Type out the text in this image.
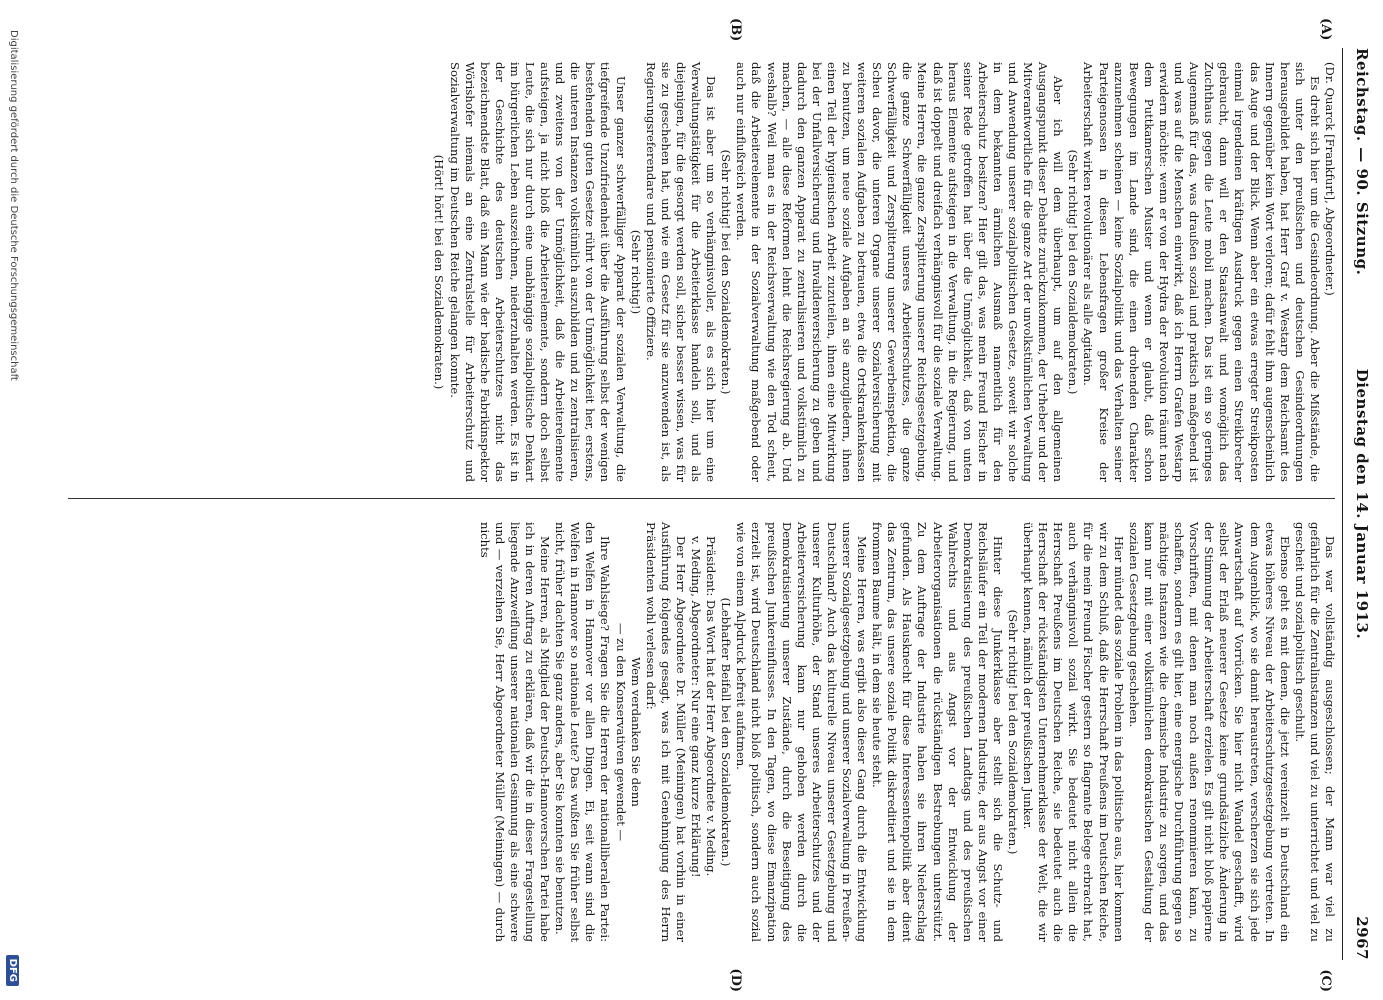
Reichstag. — 90. Sitzung.
Dienstag den 14. Januar 1913.
2967
(A)
(B)
(C)
(D)

(Dr. Quarck [Frankfurt], Abgeordneter.)

Es dreht sich hier um die Gesindeordnung. Aber die Mißstände, die sich unter den preußischen und deutschen Gesindeordnungen herausgebildet haben, hat Herr Graf v. Westarp dem Reichsamt des Innern gegenüber kein Wort verloren; dafür fehlt ihm augenscheinlich das Auge und der Blick. Wenn aber ein etwas erregter Streikposten einmal irgendeinen kräftigen Ausdruck gegen einen Streikbrecher gebraucht, dann will er den Staatsanwalt und womöglich das Zuchthaus gegen die Leute mobil machen. Das ist ein so geringes Augenmaß für das, was draußen sozial und praktisch maßgebend ist und was auf die Menschen einwirkt, daß ich Herrn Grafen Westarp erwidern möchte: wenn er von der Hydra der Revolution träumt nach dem Puttkamerschen Muster und wenn er glaubt, daß schon Bewegungen im Lande sind, die einen drohenden Charakter anzunehmen scheinen — keine Sozialpolitik und das Verhalten seiner Parteigenossen in diesen Lebensfragen großer Kreise der Arbeiterschaft wirken revolutionärer als alle Agitation.

(Sehr richtig! bei den Sozialdemokraten.)

Aber ich will dem überhaupt, um auf den allgemeinen Ausgangspunkt dieser Debatte zurückzukommen, der Urheber und der Mitverantwortliche für die ganze Art der unvolkstümlichen Verwaltung und Anwendung unserer sozialpolitischen Gesetze, soweit wir solche in dem bekannten ärmlichen Ausmaß namentlich für den Arbeiterschutz besitzen? Hier gilt das, was mein Freund Fischer in seiner Rede getroffen hat über die Unmöglichkeit, daß von unten heraus Elemente aufsteigen in die Verwaltung, in die Regierung, und daß ist doppelt und dreifach verhängnisvoll für die soziale Verwaltung. Meine Herren, die ganze Zersplitterung unserer Reichsgesetzgebung, die ganze Schwerfälligkeit unseres Arbeiterschutzes, die ganze Schwerfälligkeit und Zersplitterung unserer Gewerbeinspektion, die Scheu davor, die unteren Organe unserer Sozialversicherung mit weiteren sozialen Aufgaben zu betrauen, etwa die Ortskrankenkassen zu benutzen, um neue soziale Aufgaben an sie anzugliedern, ihnen einen Teil der hygienischen Arbeit zuzuteilen, ihnen eine Mitwirkung bei der Unfallversicherung und Invalidenversicherung zu geben und dadurch den ganzen Apparat zu zentralisieren und volkstümlich zu machen, — alle diese Reformen lehnt die Reichsregierung ab. Und weshalb? Weil man es in der Reichsverwaltung wie den Tod scheut, daß die Arbeiterelemente in der Sozialverwaltung maßgebend oder auch nur einflußreich werden.

(Sehr richtig! bei den Sozialdemokraten.)

Das ist aber um so verhängnisvoller, als es sich hier um eine Verwaltungstätigkeit für die Arbeiterklasse handeln soll, und als diejenigen, für die gesorgt werden soll, sicher besser wissen, was für sie zu geschehen hat, und wie ein Gesetz für sie anzuwenden ist, als Regierungsreferendare und pensionierte Offiziere.

(Sehr richtig!)

Unser ganzer schwerfälliger Apparat der sozialen Verwaltung, die tiefgreifende Unzufriedenheit über die Ausführung selbst der wenigen bestehenden guten Gesetze rührt von der Unmöglichkeit her, erstens, die unteren Instanzen volkstümlich auszubilden und zu zentralisieren, und zweitens von der Unmöglichkeit, daß die Arbeiterelemente aufsteigen, ja nicht bloß die Arbeiterelemente, sondern doch selbst Leute, die sich nur durch eine unabhängige sozialpolitische Denkart im bürgerlichen Leben auszeichnen, niederzuhalten werden. Es ist in der Geschichte des deutschen Arbeiterschutzes nicht das bezeichnendste Blatt, daß ein Mann wie der badische Fabrikinspektor Wörishofer niemals an eine Zentralstelle für Arbeiterschutz und Sozialverwaltung im Deutschen Reiche gelangen konnte.

(Hört! hört! bei den Sozialdemokraten.)

Das war vollständig ausgeschlossen; der Mann war viel zu gefährlich für die Zentralinstanzen und viel zu unterrichtet und viel zu gescheit und sozialpolitisch geschult.

Ebenso geht es mit denen, die jetzt vereinzelt in Deutschland ein etwas höheres Niveau der Arbeiterschutzgesetzgebung vertreten. In dem Augenblick, wo sie damit heraustreten, verscherzen sie sich jede Anwartschaft auf Vorrücken. Sie hier nicht Wandel geschafft, wird selbst der Erlaß neuerer Gesetze keine grundsätzliche Änderung in der Stimmung der Arbeiterschaft erzielen. Es gilt nicht bloß papierne Vorschriften, mit denen man noch außen renommieren kann, zu schaffen, sondern es gilt hier, eine energische Durchführung gegen so mächtige Instanzen wie die chemische Industrie zu sorgen, und das kann nur mit einer volkstümlichen demokratischen Gestaltung der sozialen Gesetzgebung geschehen.

Hier mündet das soziale Problem in das politische aus, hier kommen wir zu dem Schluß, daß die Herrschaft Preußens im Deutschen Reiche, für die mein Freund Fischer gestern so flagrante Belege erbracht hat, auch verhängnisvoll sozial wirkt. Sie bedeutet nicht allein die Herrschaft Preußens im Deutschen Reiche, sie bedeutet auch die Herrschaft der rückständigsten Unternehmerklasse der Welt, die wir überhaupt kennen, nämlich der preußischen Junker.

(Sehr richtig! bei den Sozialdemokraten.)

Hinter diese Junkerklasse aber stellt sich die Schutz- und Reichsläufer ein Teil der modernen Industrie, der aus Angst vor einer Demokratisierung des preußischen Landtags und des preußischen Wahlrechts und aus Angst vor der Entwicklung der Arbeiterorganisationen die rückständigen Bestrebungen unterstützt. Zu dem Auftrage der Industrie haben sie ihren Niederschlag gefunden. Als Hausknecht für diese Interessentenpolitik aber dient das Zentrum, das unsere soziale Politik diskreditiert und sie in dem frommen Baume hält, in dem sie heute steht.

Meine Herren, was ergibt also dieser Gang durch die Entwicklung unserer Sozialgesetzgebung und unserer Sozialverwaltung in Preußen-Deutschland? Auch das kulturelle Niveau unserer Gesetzgebung und unserer Kulturhöhe, der Stand unseres Arbeiterschutzes und der Arbeiterversicherung kann nur gehoben werden durch die Demokratisierung unserer Zustände, durch die Beseitigung des preußischen Junkereinflusses. In den Tagen, wo diese Emanzipation erzielt ist, wird Deutschland nicht bloß politisch, sondern auch sozial wie von einem Alpdruck befreit aufatmen.

(Lebhafter Beifall bei den Sozialdemokraten.)

Präsident: Das Wort hat der Herr Abgeordnete v. Meding.

v. Meding, Abgeordneter: Nur eine ganz kurze Erklärung!

Der Herr Abgeordnete Dr. Müller (Meiningen) hat vorhin in einer Ausführung folgendes gesagt, was ich mit Genehmigung des Herrn Präsidenten wohl verlesen darf:

Wem verdanken Sie denn

— zu den Konservativen gewendet —

Ihre Wahlsiege? Fragen Sie die Herren der nationalliberalen Partei: den Welfen in Hannover vor allen Dingen. Ei, seit wann sind die Welfen in Hannover so nationale Leute? Das wußten Sie früher selbst nicht, früher dachten Sie ganz anders, aber Sie konnten sie benutzen.

Meine Herren, als Mitglied der Deutsch-Hannoverschen Partei habe ich in deren Auftrag zu erklären, daß wir die in dieser Fragestellung liegende Anzweiflung unserer nationalen Gesinnung als eine schwere und — verzeihen Sie, Herr Abgeordneter Müller (Meiningen) — durch nichts

Digitalisierung gefördert durch die Deutsche Forschungsgemeinschaft
DFG
